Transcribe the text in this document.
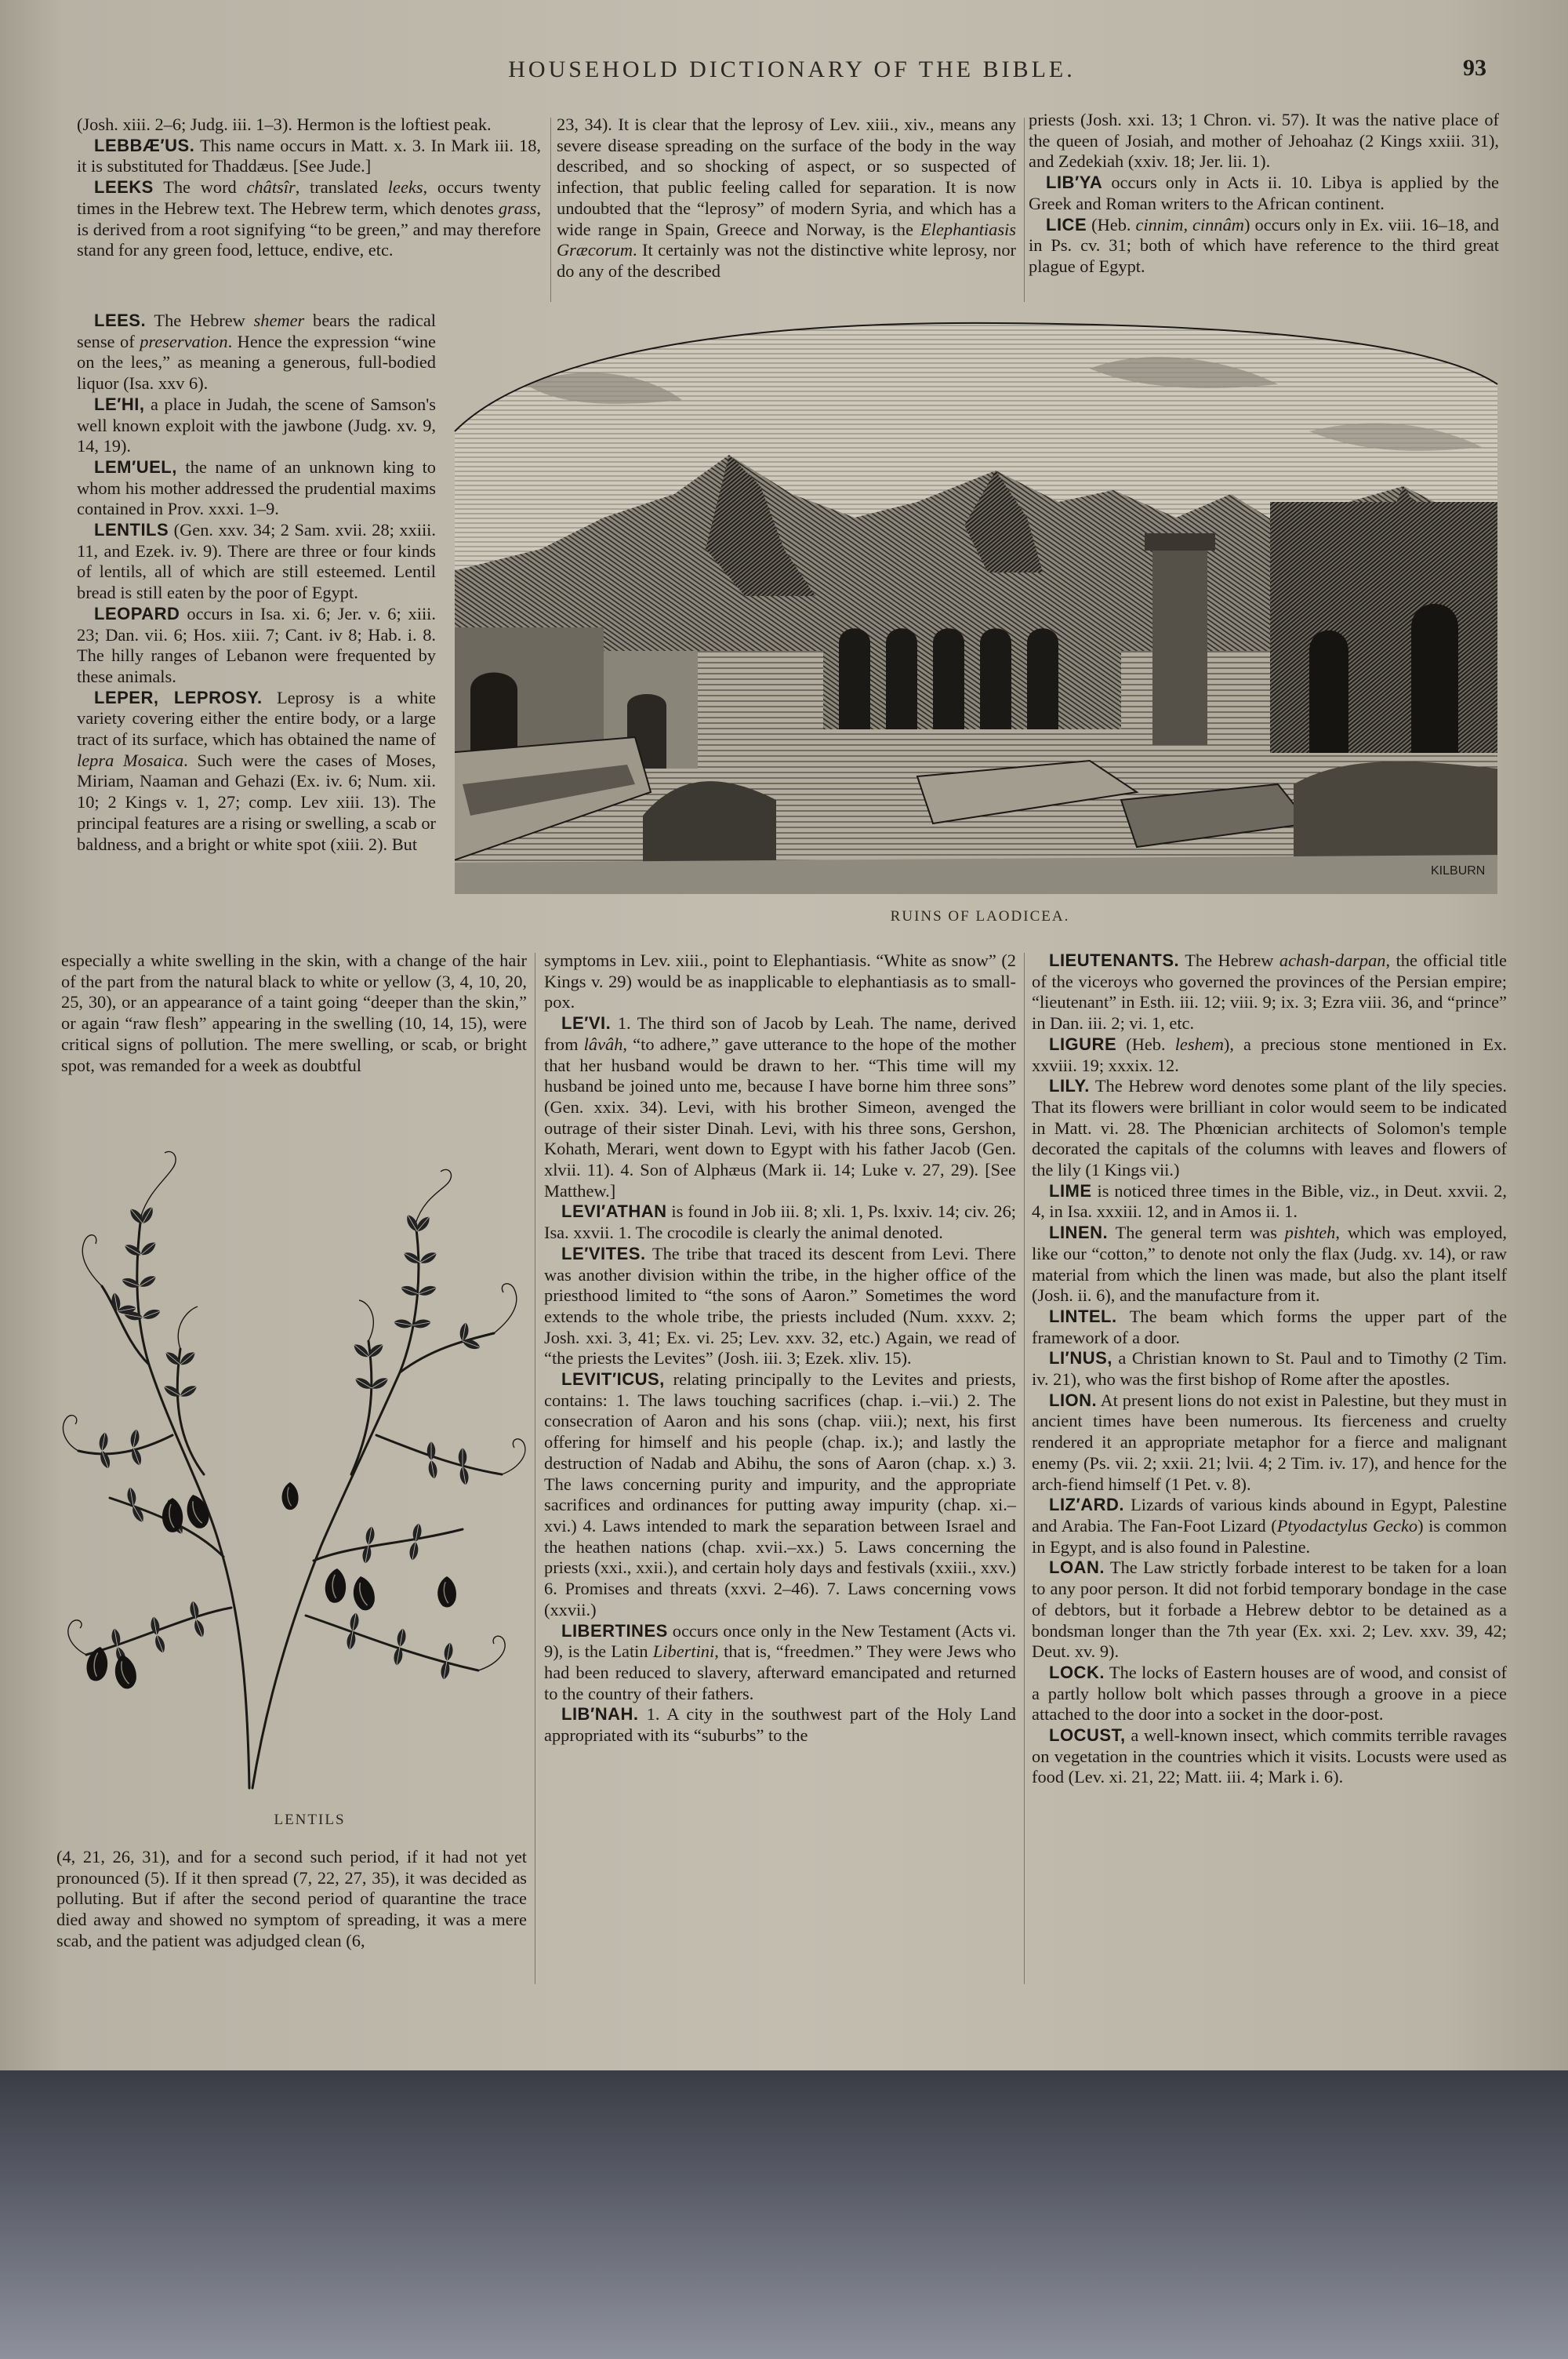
HOUSEHOLD DICTIONARY OF THE BIBLE.	93

(Josh. xiii. 2–6; Judg. iii. 1–3). Hermon is the loftiest peak.

LEBBÆ′US. This name occurs in Matt. x. 3. In Mark iii. 18, it is substituted for Thaddæus. [See Jude.]

LEEKS The word châtsîr, translated leeks, occurs twenty times in the Hebrew text. The Hebrew term, which denotes grass, is derived from a root signifying “to be green,” and may therefore stand for any green food, lettuce, endive, etc.

LEES. The Hebrew shemer bears the radical sense of preservation. Hence the expression “wine on the lees,” as meaning a generous, full-bodied liquor (Isa. xxv 6).

LE′HI, a place in Judah, the scene of Samson's well known exploit with the jawbone (Judg. xv. 9, 14, 19).

LEM′UEL, the name of an unknown king to whom his mother addressed the prudential maxims contained in Prov. xxxi. 1–9.

LENTILS (Gen. xxv. 34; 2 Sam. xvii. 28; xxiii. 11, and Ezek. iv. 9). There are three or four kinds of lentils, all of which are still esteemed. Lentil bread is still eaten by the poor of Egypt.

LEOPARD occurs in Isa. xi. 6; Jer. v. 6; xiii. 23; Dan. vii. 6; Hos. xiii. 7; Cant. iv 8; Hab. i. 8. The hilly ranges of Lebanon were frequented by these animals.

LEPER, LEPROSY. Leprosy is a white variety covering either the entire body, or a large tract of its surface, which has obtained the name of lepra Mosaica. Such were the cases of Moses, Miriam, Naaman and Gehazi (Ex. iv. 6; Num. xii. 10; 2 Kings v. 1, 27; comp. Lev xiii. 13). The principal features are a rising or swelling, a scab or baldness, and a bright or white spot (xiii. 2). But

especially a white swelling in the skin, with a change of the hair of the part from the natural black to white or yellow (3, 4, 10, 20, 25, 30), or an appearance of a taint going “deeper than the skin,” or again “raw flesh” appearing in the swelling (10, 14, 15), were critical signs of pollution. The mere swelling, or scab, or bright spot, was remanded for a week as doubtful

LENTILS

(4, 21, 26, 31), and for a second such period, if it had not yet pronounced (5). If it then spread (7, 22, 27, 35), it was decided as polluting. But if after the second period of quarantine the trace died away and showed no symptom of spreading, it was a mere scab, and the patient was adjudged clean (6,

23, 34). It is clear that the leprosy of Lev. xiii., xiv., means any severe disease spreading on the surface of the body in the way described, and so shocking of aspect, or so suspected of infection, that public feeling called for separation. It is now undoubted that the “leprosy” of modern Syria, and which has a wide range in Spain, Greece and Norway, is the Elephantiasis Græcorum. It certainly was not the distinctive white leprosy, nor do any of the described

priests (Josh. xxi. 13; 1 Chron. vi. 57). It was the native place of the queen of Josiah, and mother of Jehoahaz (2 Kings xxiii. 31), and Zedekiah (xxiv. 18; Jer. lii. 1).

LIB′YA occurs only in Acts ii. 10. Libya is applied by the Greek and Roman writers to the African continent.

LICE (Heb. cinnim, cinnâm) occurs only in Ex. viii. 16–18, and in Ps. cv. 31; both of which have reference to the third great plague of Egypt.

KILBURN
RUINS OF LAODICEA.

symptoms in Lev. xiii., point to Elephantiasis. “White as snow” (2 Kings v. 29) would be as inapplicable to elephantiasis as to small-pox.

LE′VI. 1. The third son of Jacob by Leah. The name, derived from lâvâh, “to adhere,” gave utterance to the hope of the mother that her husband would be drawn to her. “This time will my husband be joined unto me, because I have borne him three sons” (Gen. xxix. 34). Levi, with his brother Simeon, avenged the outrage of their sister Dinah. Levi, with his three sons, Gershon, Kohath, Merari, went down to Egypt with his father Jacob (Gen. xlvii. 11). 4. Son of Alphæus (Mark ii. 14; Luke v. 27, 29). [See Matthew.]

LEVI′ATHAN is found in Job iii. 8; xli. 1, Ps. lxxiv. 14; civ. 26; Isa. xxvii. 1. The crocodile is clearly the animal denoted.

LE′VITES. The tribe that traced its descent from Levi. There was another division within the tribe, in the higher office of the priesthood limited to “the sons of Aaron.” Sometimes the word extends to the whole tribe, the priests included (Num. xxxv. 2; Josh. xxi. 3, 41; Ex. vi. 25; Lev. xxv. 32, etc.) Again, we read of “the priests the Levites” (Josh. iii. 3; Ezek. xliv. 15).

LEVIT′ICUS, relating principally to the Levites and priests, contains: 1. The laws touching sacrifices (chap. i.–vii.) 2. The consecration of Aaron and his sons (chap. viii.); next, his first offering for himself and his people (chap. ix.); and lastly the destruction of Nadab and Abihu, the sons of Aaron (chap. x.) 3. The laws concerning purity and impurity, and the appropriate sacrifices and ordinances for putting away impurity (chap. xi.–xvi.) 4. Laws intended to mark the separation between Israel and the heathen nations (chap. xvii.–xx.) 5. Laws concerning the priests (xxi., xxii.), and certain holy days and festivals (xxiii., xxv.) 6. Promises and threats (xxvi. 2–46). 7. Laws concerning vows (xxvii.)

LIBERTINES occurs once only in the New Testament (Acts vi. 9), is the Latin Libertini, that is, “freedmen.” They were Jews who had been reduced to slavery, afterward emancipated and returned to the country of their fathers.

LIB′NAH. 1. A city in the southwest part of the Holy Land appropriated with its “suburbs” to the

LIEUTENANTS. The Hebrew achash-darpan, the official title of the viceroys who governed the provinces of the Persian empire; “lieutenant” in Esth. iii. 12; viii. 9; ix. 3; Ezra viii. 36, and “prince” in Dan. iii. 2; vi. 1, etc.

LIGURE (Heb. leshem), a precious stone mentioned in Ex. xxviii. 19; xxxix. 12.

LILY. The Hebrew word denotes some plant of the lily species. That its flowers were brilliant in color would seem to be indicated in Matt. vi. 28. The Phœnician architects of Solomon's temple decorated the capitals of the columns with leaves and flowers of the lily (1 Kings vii.)

LIME is noticed three times in the Bible, viz., in Deut. xxvii. 2, 4, in Isa. xxxiii. 12, and in Amos ii. 1.

LINEN. The general term was pishteh, which was employed, like our “cotton,” to denote not only the flax (Judg. xv. 14), or raw material from which the linen was made, but also the plant itself (Josh. ii. 6), and the manufacture from it.

LINTEL. The beam which forms the upper part of the framework of a door.

LI′NUS, a Christian known to St. Paul and to Timothy (2 Tim. iv. 21), who was the first bishop of Rome after the apostles.

LION. At present lions do not exist in Palestine, but they must in ancient times have been numerous. Its fierceness and cruelty rendered it an appropriate metaphor for a fierce and malignant enemy (Ps. vii. 2; xxii. 21; lvii. 4; 2 Tim. iv. 17), and hence for the arch-fiend himself (1 Pet. v. 8).

LIZ′ARD. Lizards of various kinds abound in Egypt, Palestine and Arabia. The Fan-Foot Lizard (Ptyodactylus Gecko) is common in Egypt, and is also found in Palestine.

LOAN. The Law strictly forbade interest to be taken for a loan to any poor person. It did not forbid temporary bondage in the case of debtors, but it forbade a Hebrew debtor to be detained as a bondsman longer than the 7th year (Ex. xxi. 2; Lev. xxv. 39, 42; Deut. xv. 9).

LOCK. The locks of Eastern houses are of wood, and consist of a partly hollow bolt which passes through a groove in a piece attached to the door into a socket in the door-post.

LOCUST, a well-known insect, which commits terrible ravages on vegetation in the countries which it visits. Locusts were used as food (Lev. xi. 21, 22; Matt. iii. 4; Mark i. 6).
